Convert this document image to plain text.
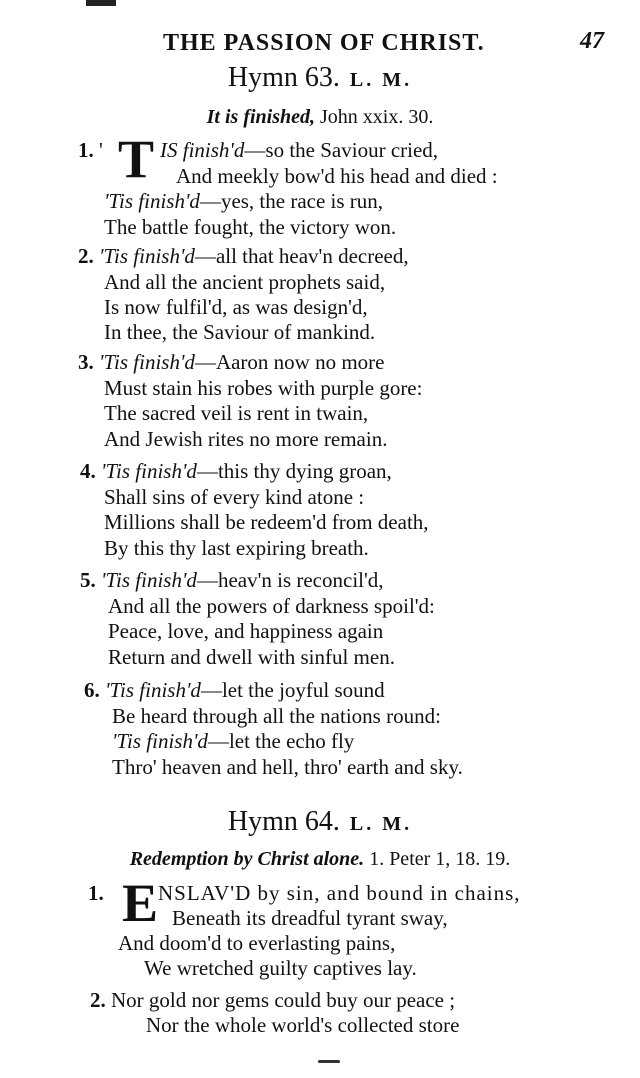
THE PASSION OF CHRIST.	47
Hymn 63. L. M.
It is finished, John xxix. 30.
1. ' T IS finish'd—so the Saviour cried,
And meekly bow'd his head and died :
'Tis finish'd—yes, the race is run,
The battle fought, the victory won.
2. 'Tis finish'd—all that heav'n decreed,
And all the ancient prophets said,
Is now fulfil'd, as was design'd,
In thee, the Saviour of mankind.
3. 'Tis finish'd—Aaron now no more
Must stain his robes with purple gore:
The sacred veil is rent in twain,
And Jewish rites no more remain.
4. 'Tis finish'd—this thy dying groan,
Shall sins of every kind atone :
Millions shall be redeem'd from death,
By this thy last expiring breath.
5. 'Tis finish'd—heav'n is reconcil'd,
And all the powers of darkness spoil'd:
Peace, love, and happiness again
Return and dwell with sinful men.
6. 'Tis finish'd—let the joyful sound
Be heard through all the nations round:
'Tis finish'd—let the echo fly
Thro' heaven and hell, thro' earth and sky.
Hymn 64. L. M.
Redemption by Christ alone. 1. Peter 1, 18. 19.
1. E NSLAV'D by sin, and bound in chains,
Beneath its dreadful tyrant sway,
And doom'd to everlasting pains,
We wretched guilty captives lay.
2. Nor gold nor gems could buy our peace ;
Nor the whole world's collected store
